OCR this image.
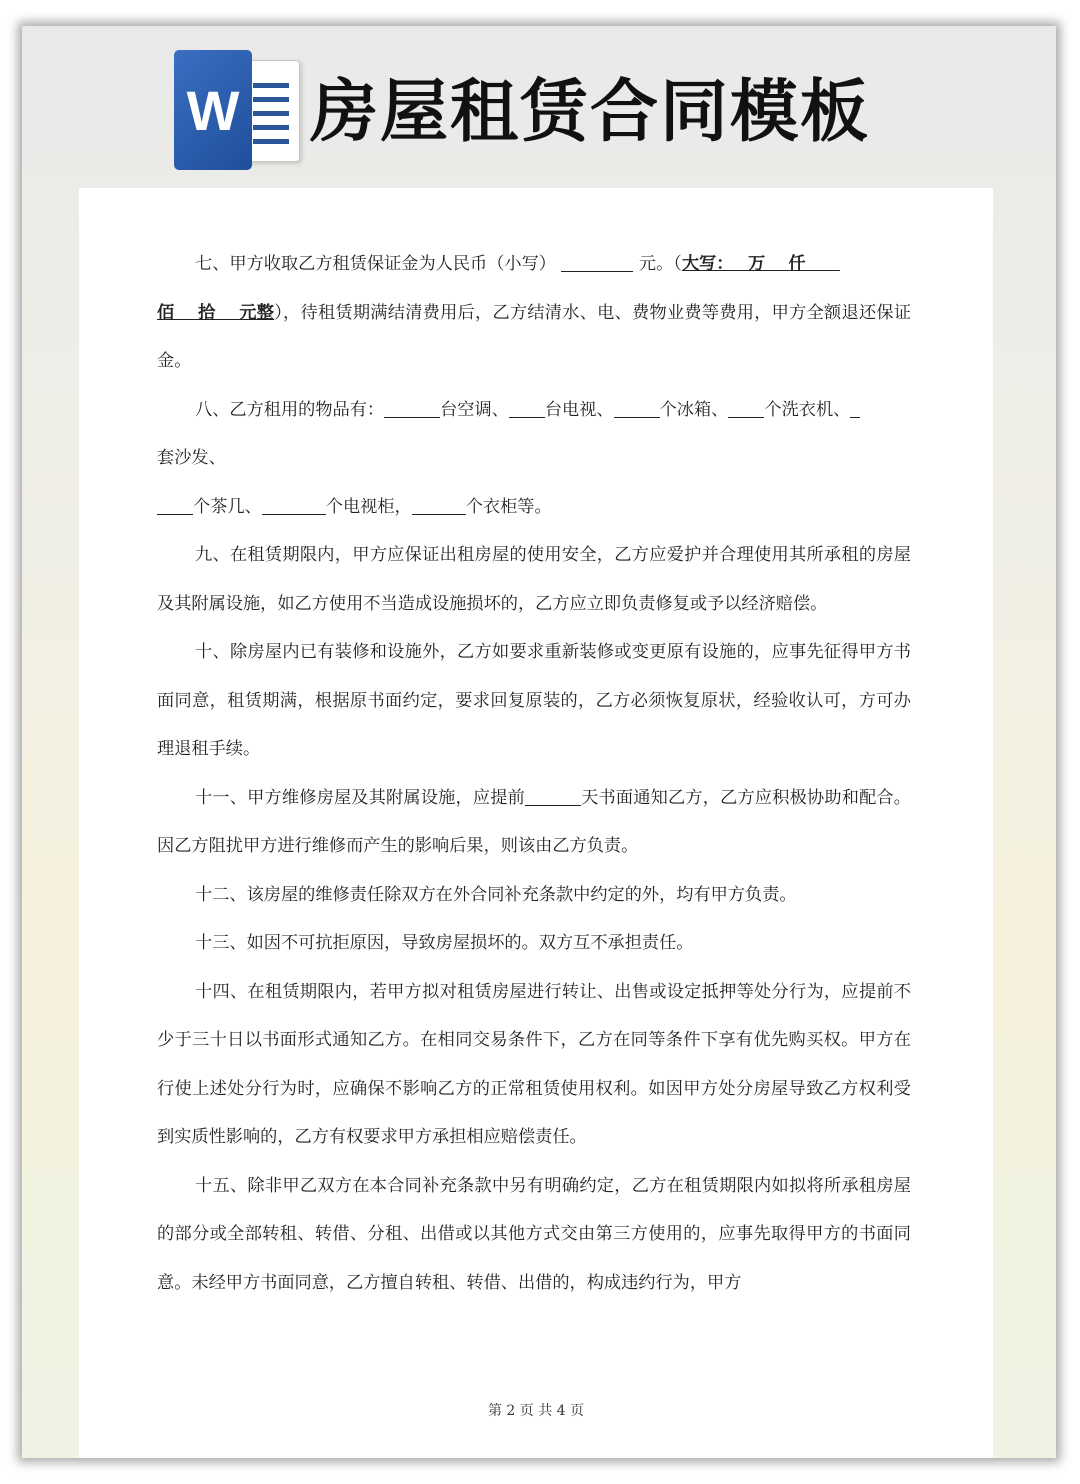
W 房屋租赁合同模板

七、甲方收取乙方租赁保证金为人民币（小写）	元。（大写：　 万　 仟　　
佰　 拾　 元整），待租赁期满结清费用后，乙方结清水、电、费物业费等费用，甲方全额退还保证金。

八、乙方租用的物品有：	台空调、 台电视、	个冰箱、 个洗衣机、
套沙发、
个茶几、	个电视柜，	个衣柜等。

九、在租赁期限内，甲方应保证出租房屋的使用安全，乙方应爱护并合理使用其所承租的房屋及其附属设施，如乙方使用不当造成设施损坏的，乙方应立即负责修复或予以经济赔偿。

十、除房屋内已有装修和设施外，乙方如要求重新装修或变更原有设施的，应事先征得甲方书面同意，租赁期满，根据原书面约定，要求回复原装的，乙方必须恢复原状，经验收认可，方可办理退租手续。

十一、甲方维修房屋及其附属设施，应提前	天书面通知乙方，乙方应积极协助和配合。因乙方阻扰甲方进行维修而产生的影响后果，则该由乙方负责。

十二、该房屋的维修责任除双方在外合同补充条款中约定的外，均有甲方负责。

十三、如因不可抗拒原因，导致房屋损坏的。双方互不承担责任。

十四、在租赁期限内，若甲方拟对租赁房屋进行转让、出售或设定抵押等处分行为，应提前不少于三十日以书面形式通知乙方。在相同交易条件下，乙方在同等条件下享有优先购买权。甲方在行使上述处分行为时，应确保不影响乙方的正常租赁使用权利。如因甲方处分房屋导致乙方权利受到实质性影响的，乙方有权要求甲方承担相应赔偿责任。

十五、除非甲乙双方在本合同补充条款中另有明确约定，乙方在租赁期限内如拟将所承租房屋的部分或全部转租、转借、分租、出借或以其他方式交由第三方使用的，应事先取得甲方的书面同意。未经甲方书面同意，乙方擅自转租、转借、出借的，构成违约行为，甲方

第 2 页 共 4 页
